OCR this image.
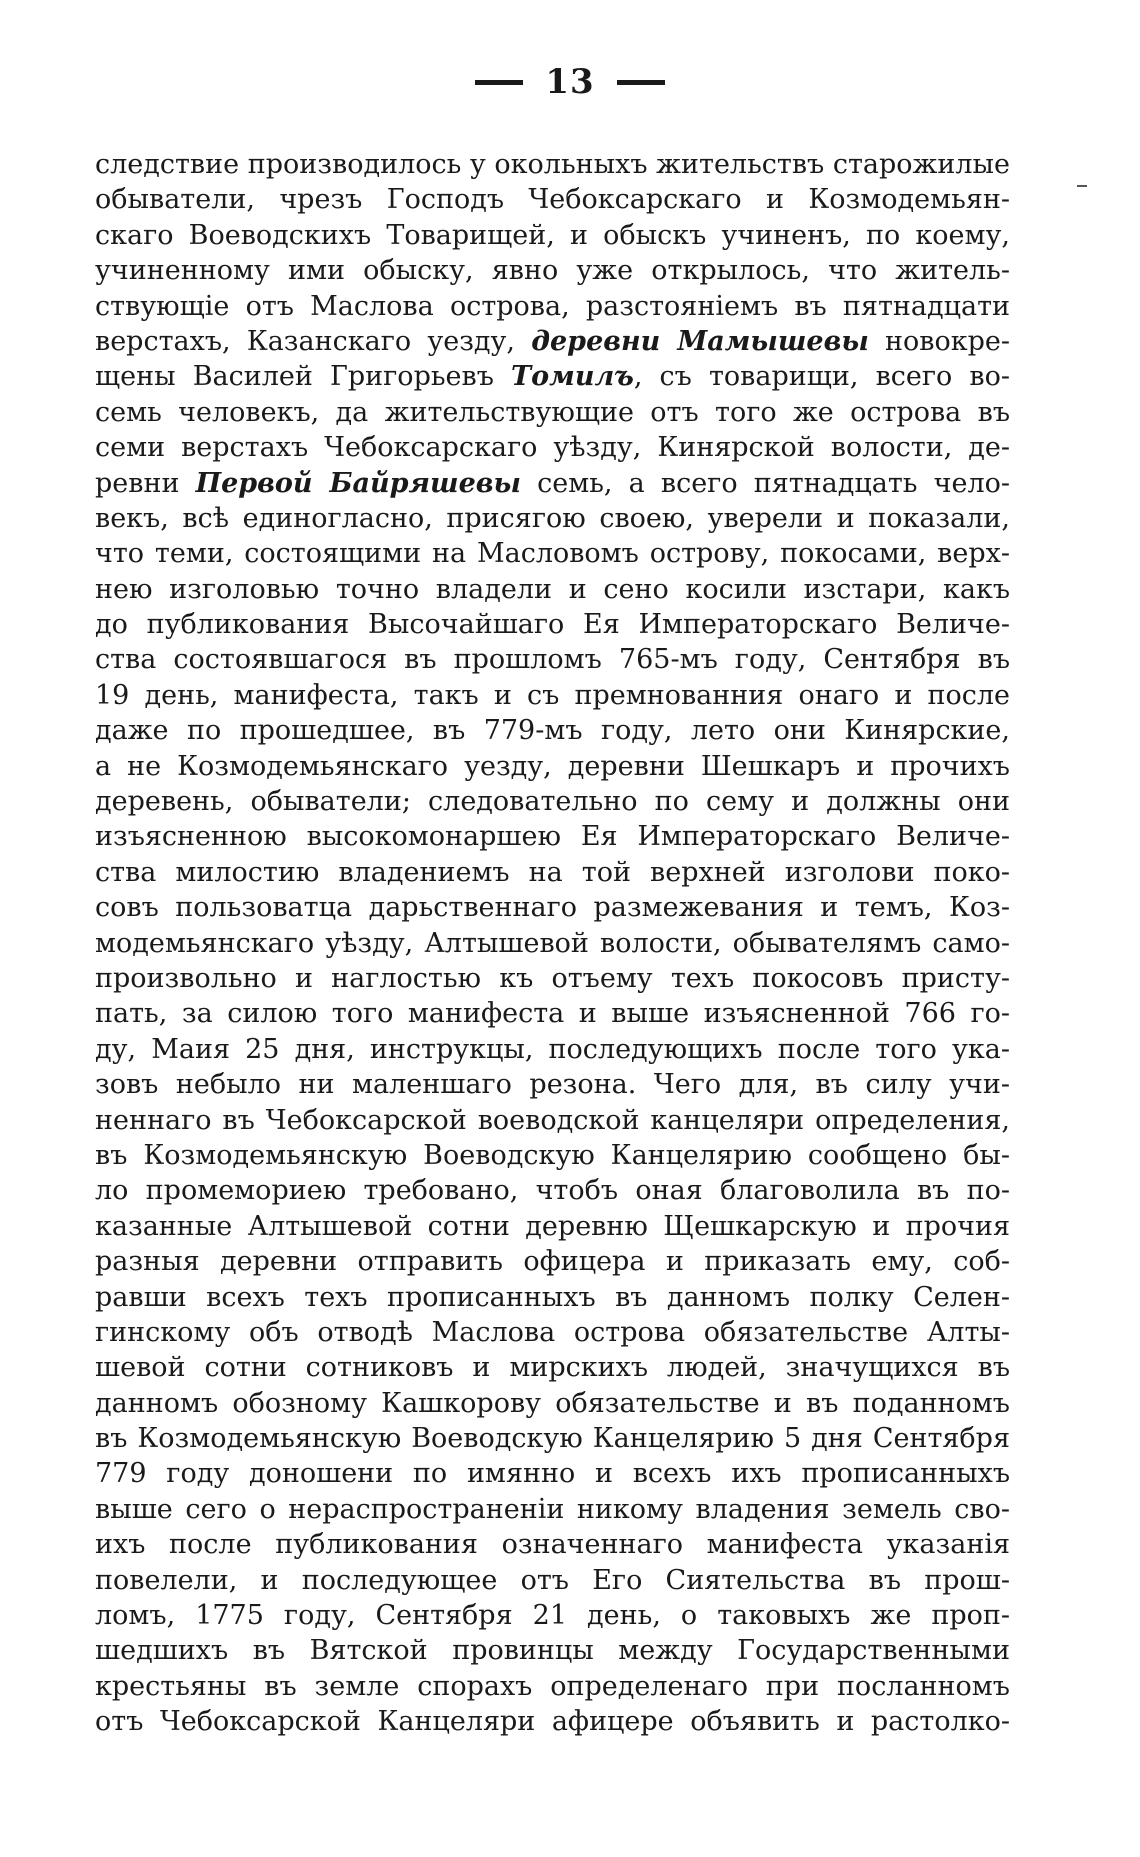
13
следствие производилось у окольныхъ жительствъ старожилые
обыватели, чрезъ Господъ Чебоксарскаго и Козмодемьян-
скаго Воеводскихъ Товарищей, и обыскъ учиненъ, по коему,
учиненному ими обыску, явно уже открылось, что житель-
ствующіе отъ Маслова острова, разстояніемъ въ пятнадцати
верстахъ, Казанскаго уезду, деревни Мамышевы новокре-
щены Василей Григорьевъ Томилъ, съ товарищи, всего во-
семь человекъ, да жительствующие отъ того же острова въ
семи верстахъ Чебоксарскаго уѣзду, Кинярской волости, де-
ревни Первой Байряшевы семь, а всего пятнадцать чело-
векъ, всѣ единогласно, присягою своею, уверели и показали,
что теми, состоящими на Масловомъ острову, покосами, верх-
нею изголовью точно владели и сено косили изстари, какъ
до публикования Высочайшаго Ея Императорскаго Величе-
ства состоявшагося въ прошломъ 765-мъ году, Сентября въ
19 день, манифеста, такъ и съ премнованния онаго и после
даже по прошедшее, въ 779-мъ году, лето они Кинярские,
а не Козмодемьянскаго уезду, деревни Шешкаръ и прочихъ
деревень, обыватели; следовательно по сему и должны они
изъясненною высокомонаршею Ея Императорскаго Величе-
ства милостию владениемъ на той верхней изголови поко-
совъ пользоватца дарьственнаго размежевания и темъ, Коз-
модемьянскаго уѣзду, Алтышевой волости, обывателямъ само-
произвольно и наглостью къ отъему техъ покосовъ присту-
пать, за силою того манифеста и выше изъясненной 766 го-
ду, Маия 25 дня, инструкцы, последующихъ после того ука-
зовъ небыло ни маленшаго резона. Чего для, въ силу учи-
неннаго въ Чебоксарской воеводской канцеляри определения,
въ Козмодемьянскую Воеводскую Канцелярию сообщено бы-
ло промемориею требовано, чтобъ оная благоволила въ по-
казанные Алтышевой сотни деревню Щешкарскую и прочия
разныя деревни отправить офицера и приказать ему, соб-
равши всехъ техъ прописанныхъ въ данномъ полку Селен-
гинскому объ отводѣ Маслова острова обязательстве Алты-
шевой сотни сотниковъ и мирскихъ людей, значущихся въ
данномъ обозному Кашкорову обязательстве и въ поданномъ
въ Козмодемьянскую Воеводскую Канцелярию 5 дня Сентября
779 году доношени по имянно и всехъ ихъ прописанныхъ
выше сего о нераспространеніи никому владения земель сво-
ихъ после публикования означеннаго манифеста указанія
повелели, и последующее отъ Его Сиятельства въ прош-
ломъ, 1775 году, Сентября 21 день, о таковыхъ же проп-
шедшихъ въ Вятской провинцы между Государственными
крестьяны въ земле спорахъ определенаго при посланномъ
отъ Чебоксарской Канцеляри афицере объявить и растолко-
